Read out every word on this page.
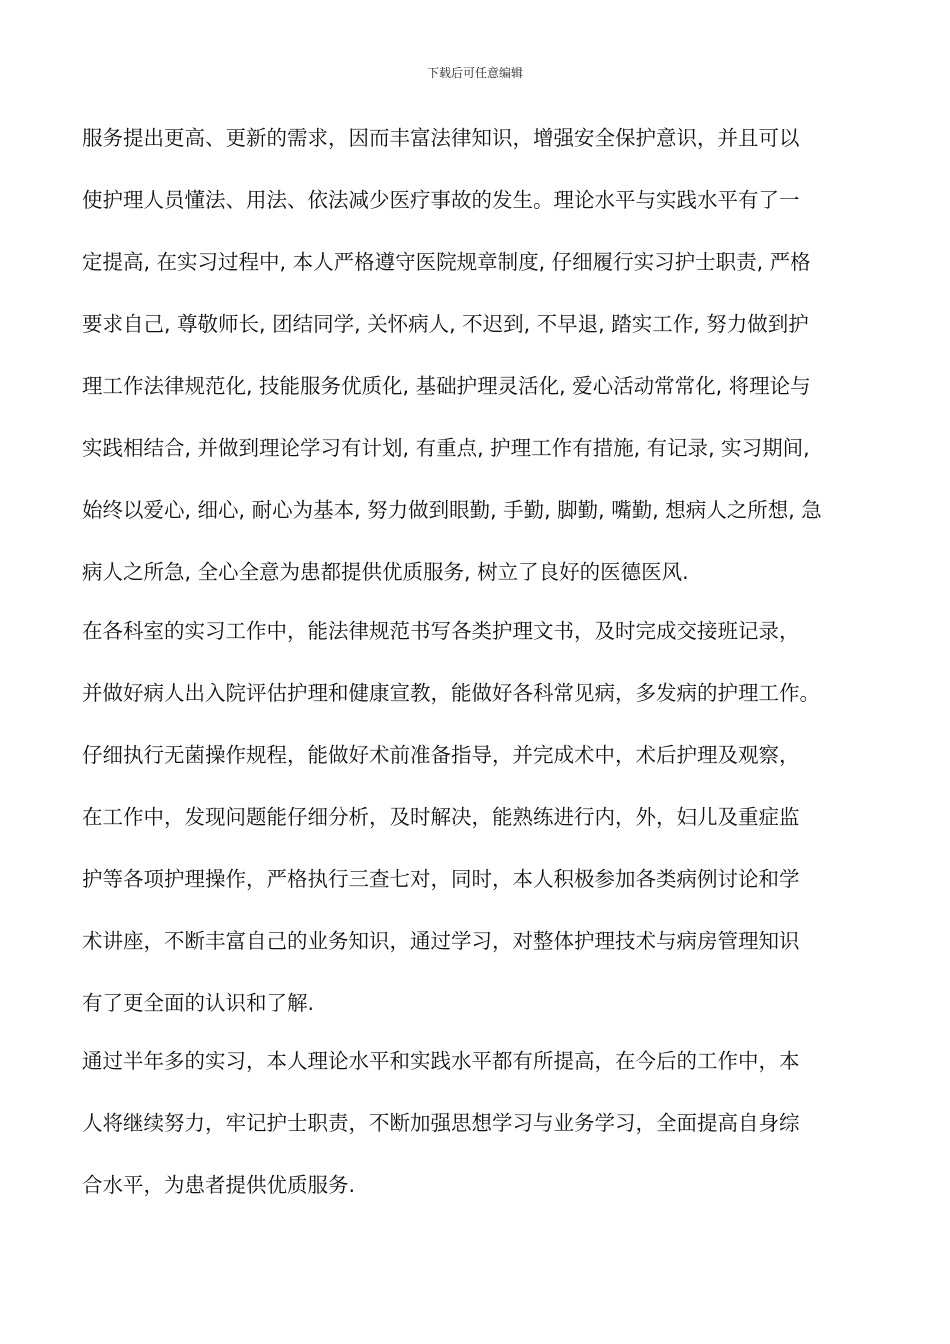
下载后可任意编辑
服务提出更高、更新的需求，因而丰富法律知识，增强安全保护意识，并且可以
使护理人员懂法、用法、依法减少医疗事故的发生。理论水平与实践水平有了一
定提高, 在实习过程中, 本人严格遵守医院规章制度, 仔细履行实习护士职责, 严格
要求自己, 尊敬师长, 团结同学, 关怀病人, 不迟到, 不早退, 踏实工作, 努力做到护
理工作法律规范化, 技能服务优质化, 基础护理灵活化, 爱心活动常常化, 将理论与
实践相结合, 并做到理论学习有计划, 有重点, 护理工作有措施, 有记录, 实习期间,
始终以爱心, 细心, 耐心为基本, 努力做到眼勤, 手勤, 脚勤, 嘴勤, 想病人之所想, 急
病人之所急, 全心全意为患都提供优质服务, 树立了良好的医德医风.
在各科室的实习工作中，能法律规范书写各类护理文书，及时完成交接班记录，
并做好病人出入院评估护理和健康宣教，能做好各科常见病，多发病的护理工作。
仔细执行无菌操作规程，能做好术前准备指导，并完成术中，术后护理及观察，
在工作中，发现问题能仔细分析，及时解决，能熟练进行内，外，妇儿及重症监
护等各项护理操作，严格执行三查七对，同时，本人积极参加各类病例讨论和学
术讲座，不断丰富自己的业务知识，通过学习，对整体护理技术与病房管理知识
有了更全面的认识和了解.
通过半年多的实习，本人理论水平和实践水平都有所提高，在今后的工作中，本
人将继续努力，牢记护士职责，不断加强思想学习与业务学习，全面提高自身综
合水平，为患者提供优质服务.
